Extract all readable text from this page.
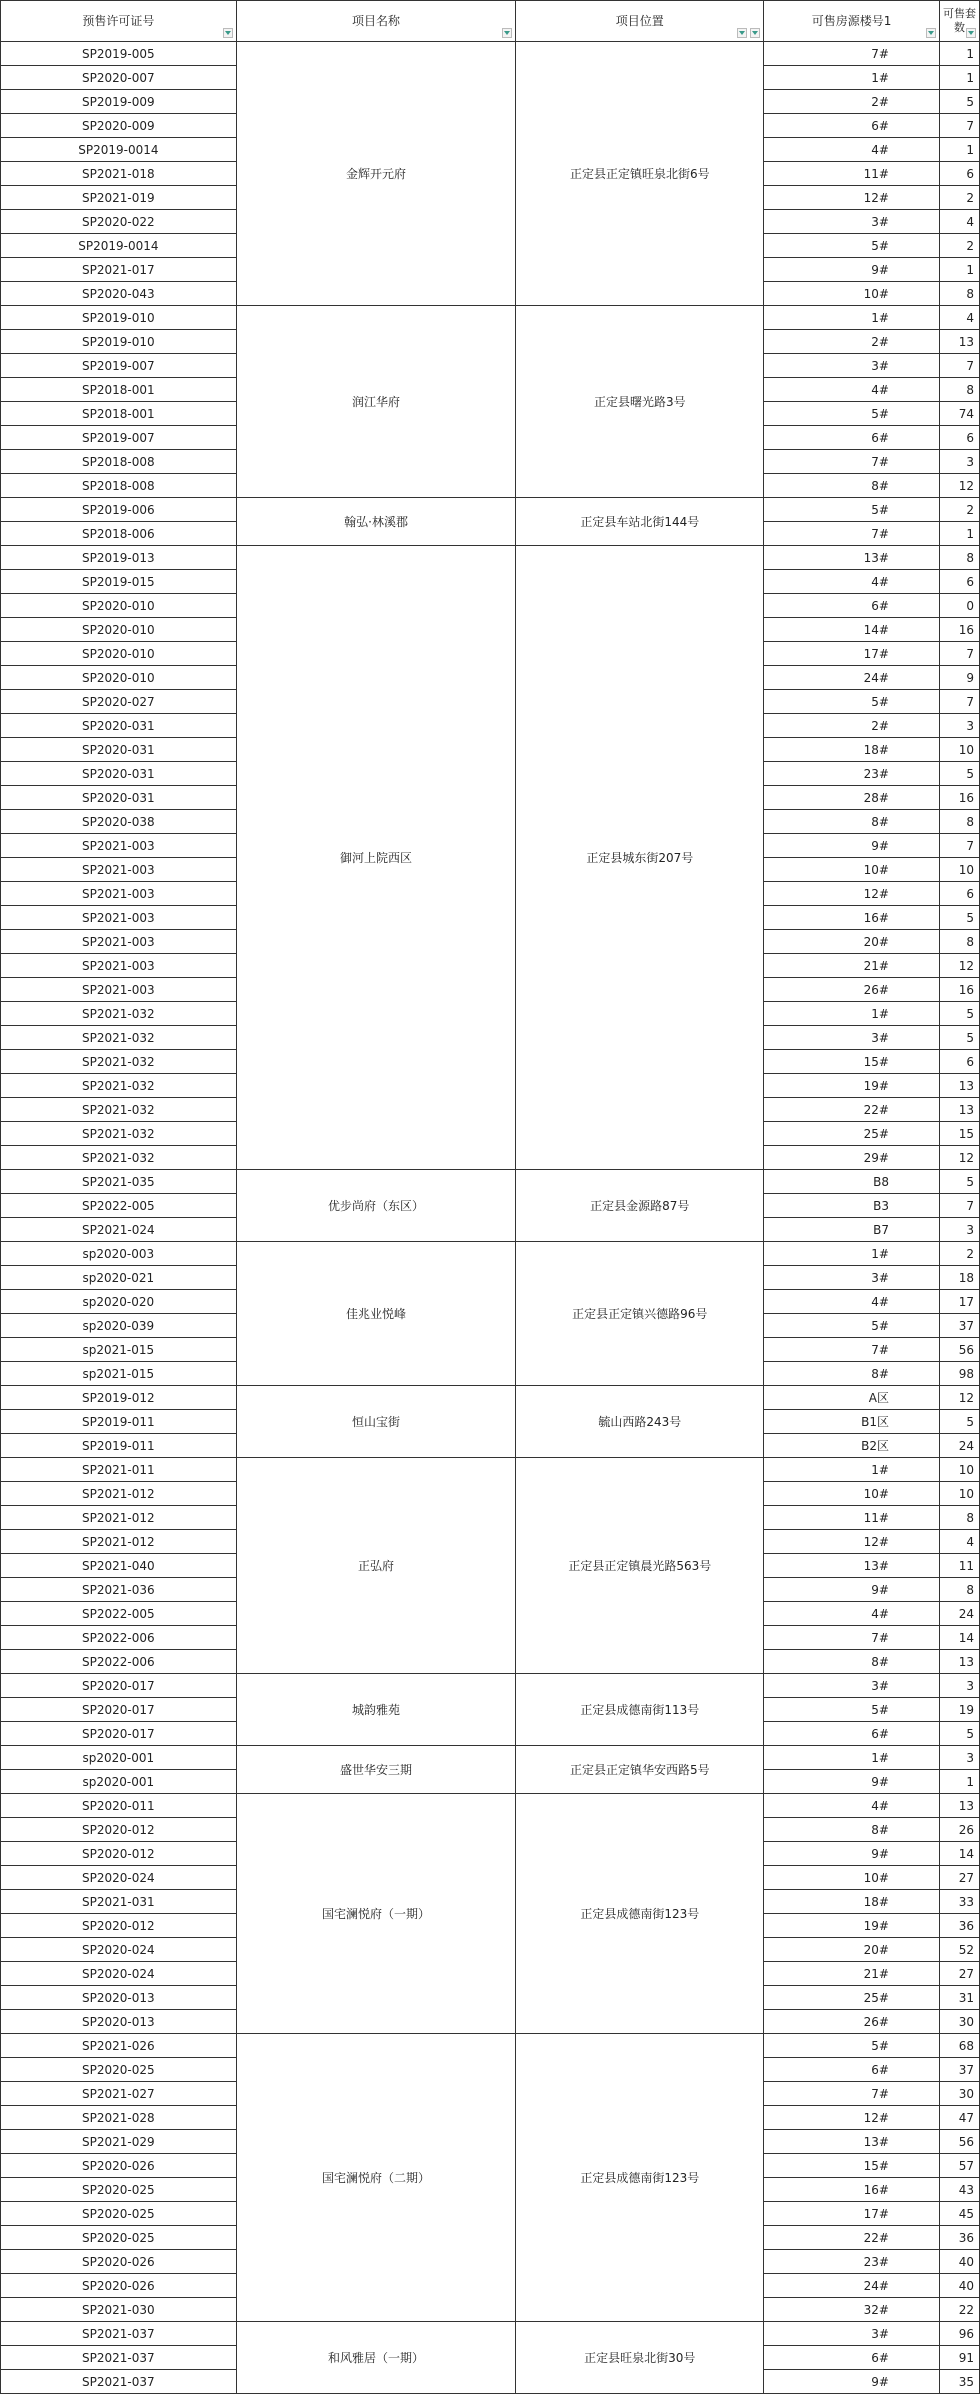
预售许可证号	项目名称	项目位置	可售房源楼号1	可售套数

SP2019-005	金辉开元府	正定县正定镇旺泉北街6号	7#	1
SP2020-007			1#	1
SP2019-009			2#	5
SP2020-009			6#	7
SP2019-0014			4#	1
SP2021-018			11#	6
SP2021-019			12#	2
SP2020-022			3#	4
SP2019-0014			5#	2
SP2021-017			9#	1
SP2020-043			10#	8
SP2019-010	润江华府	正定县曙光路3号	1#	4
SP2019-010			2#	13
SP2019-007			3#	7
SP2018-001			4#	8
SP2018-001			5#	74
SP2019-007			6#	6
SP2018-008			7#	3
SP2018-008			8#	12
SP2019-006	翰弘·林溪郡	正定县车站北街144号	5#	2
SP2018-006			7#	1
SP2019-013	御河上院西区	正定县城东街207号	13#	8
SP2019-015			4#	6
SP2020-010			6#	0
SP2020-010			14#	16
SP2020-010			17#	7
SP2020-010			24#	9
SP2020-027			5#	7
SP2020-031			2#	3
SP2020-031			18#	10
SP2020-031			23#	5
SP2020-031			28#	16
SP2020-038			8#	8
SP2021-003			9#	7
SP2021-003			10#	10
SP2021-003			12#	6
SP2021-003			16#	5
SP2021-003			20#	8
SP2021-003			21#	12
SP2021-003			26#	16
SP2021-032			1#	5
SP2021-032			3#	5
SP2021-032			15#	6
SP2021-032			19#	13
SP2021-032			22#	13
SP2021-032			25#	15
SP2021-032			29#	12
SP2021-035	优步尚府（东区）	正定县金源路87号	B8	5
SP2022-005			B3	7
SP2021-024			B7	3
sp2020-003	佳兆业悦峰	正定县正定镇兴德路96号	1#	2
sp2020-021			3#	18
sp2020-020			4#	17
sp2020-039			5#	37
sp2021-015			7#	56
sp2021-015			8#	98
SP2019-012	恒山宝街	毓山西路243号	A区	12
SP2019-011			B1区	5
SP2019-011			B2区	24
SP2021-011	正弘府	正定县正定镇晨光路563号	1#	10
SP2021-012			10#	10
SP2021-012			11#	8
SP2021-012			12#	4
SP2021-040			13#	11
SP2021-036			9#	8
SP2022-005			4#	24
SP2022-006			7#	14
SP2022-006			8#	13
SP2020-017	城韵雅苑	正定县成德南街113号	3#	3
SP2020-017			5#	19
SP2020-017			6#	5
sp2020-001	盛世华安三期	正定县正定镇华安西路5号	1#	3
sp2020-001			9#	1
SP2020-011	国宅澜悦府（一期）	正定县成德南街123号	4#	13
SP2020-012			8#	26
SP2020-012			9#	14
SP2020-024			10#	27
SP2021-031			18#	33
SP2020-012			19#	36
SP2020-024			20#	52
SP2020-024			21#	27
SP2020-013			25#	31
SP2020-013			26#	30
SP2021-026	国宅澜悦府（二期）	正定县成德南街123号	5#	68
SP2020-025			6#	37
SP2021-027			7#	30
SP2021-028			12#	47
SP2021-029			13#	56
SP2020-026			15#	57
SP2020-025			16#	43
SP2020-025			17#	45
SP2020-025			22#	36
SP2020-026			23#	40
SP2020-026			24#	40
SP2021-030			32#	22
SP2021-037	和风雅居（一期）	正定县旺泉北街30号	3#	96
SP2021-037			6#	91
SP2021-037			9#	35
